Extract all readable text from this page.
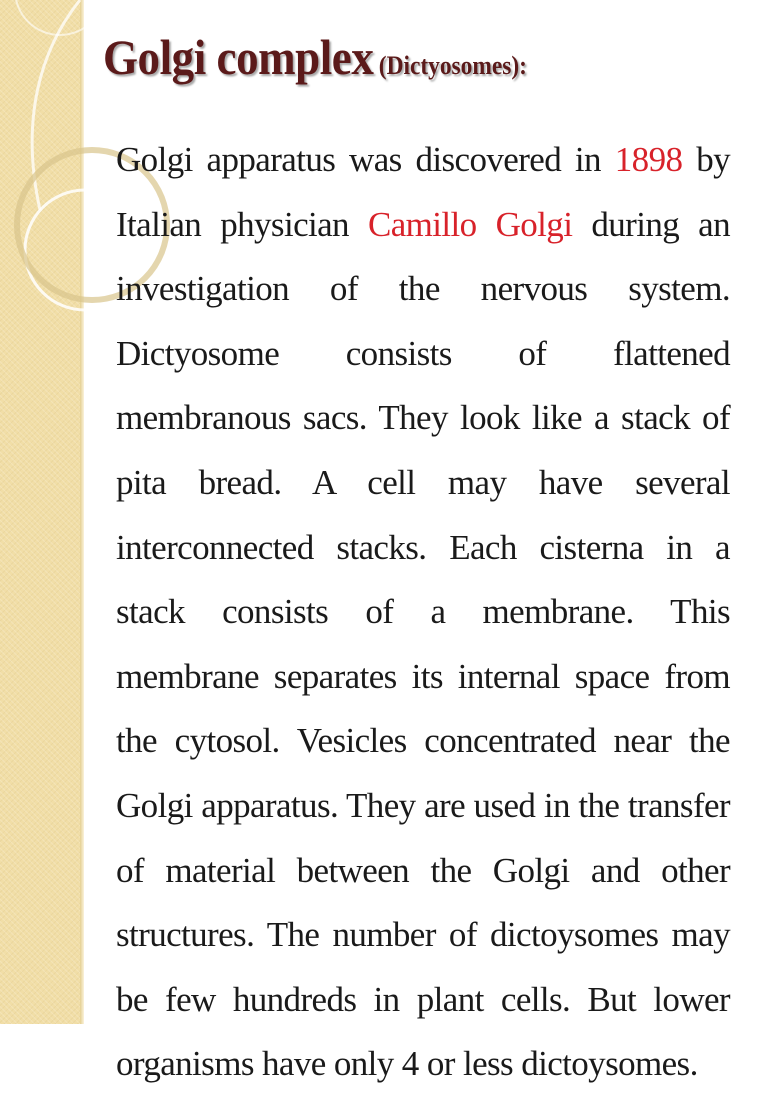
Golgi complex (Dictyosomes):

Golgi apparatus was discovered in 1898 by Italian physician Camillo Golgi during an investigation of the nervous system. Dictyosome consists of flattened membranous sacs. They look like a stack of pita bread. A cell may have several interconnected stacks. Each cisterna in a stack consists of a membrane. This membrane separates its internal space from the cytosol. Vesicles concentrated near the Golgi apparatus. They are used in the transfer of material between the Golgi and other structures. The number of dictoysomes may be few hundreds in plant cells. But lower organisms have only 4 or less dictoysomes.
